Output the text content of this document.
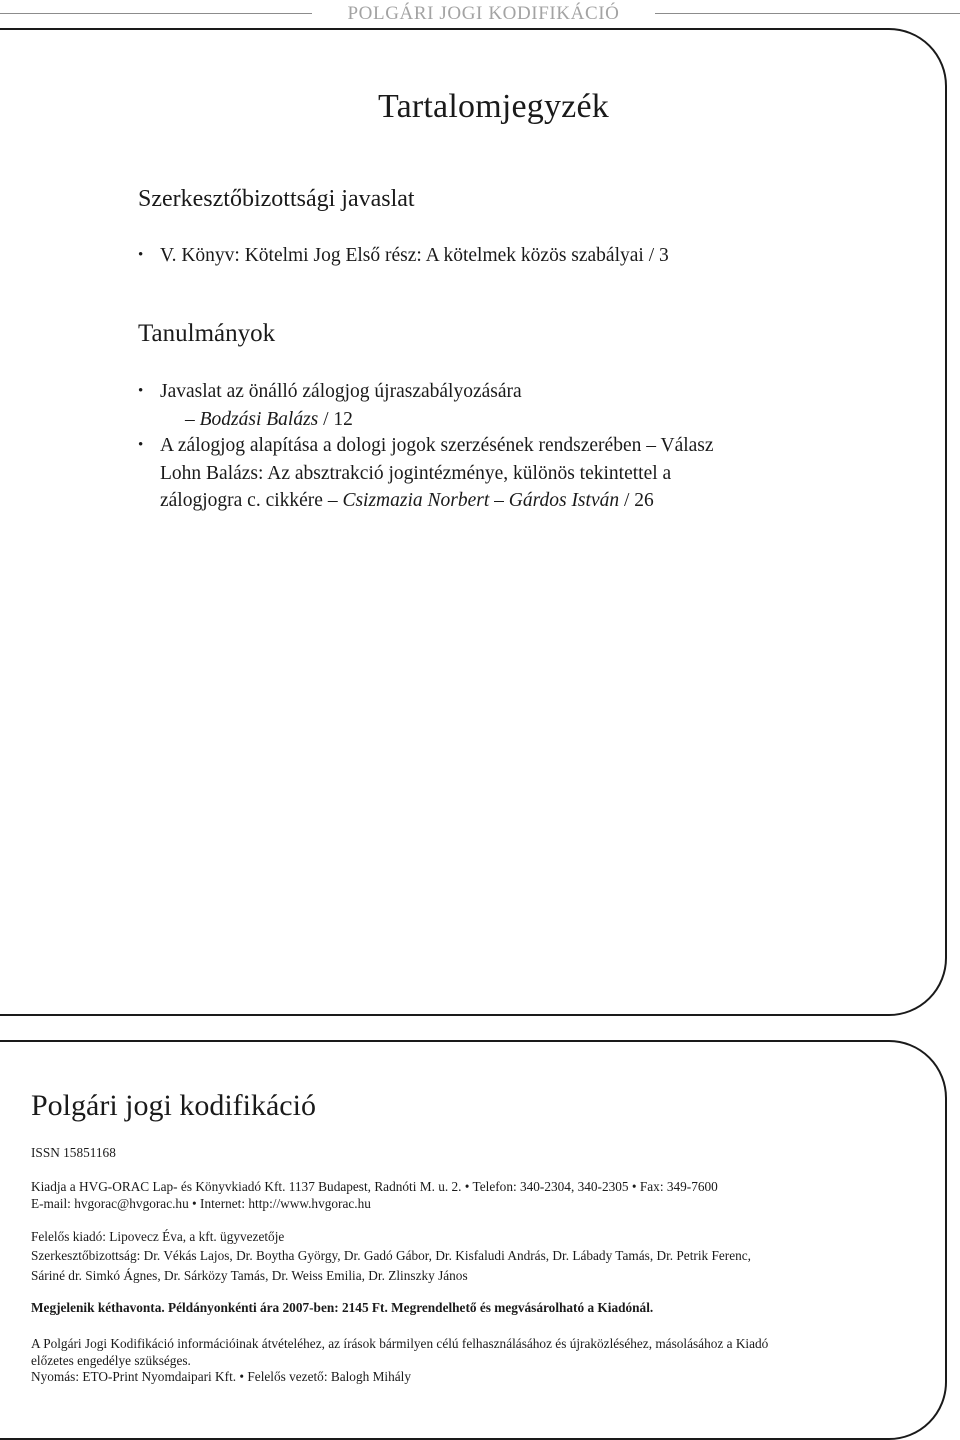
POLGÁRI JOGI KODIFIKÁCIÓ
Tartalomjegyzék
Szerkesztőbizottsági javaslat
• V. Könyv: Kötelmi Jog Első rész: A kötelmek közös szabályai / 3
Tanulmányok
• Javaslat az önálló zálogjog újraszabályozására
– Bodzási Balázs / 12
• A zálogjog alapítása a dologi jogok szerzésének rendszerében – Válasz
Lohn Balázs: Az absztrakció jogintézménye, különös tekintettel a
zálogjogra c. cikkére – Csizmazia Norbert – Gárdos István / 26
Polgári jogi kodifikáció
ISSN 15851168
Kiadja a HVG-ORAC Lap- és Könyvkiadó Kft. 1137 Budapest, Radnóti M. u. 2. • Telefon: 340-2304, 340-2305 • Fax: 349-7600
E-mail: hvgorac@hvgorac.hu • Internet: http://www.hvgorac.hu
Felelős kiadó: Lipovecz Éva, a kft. ügyvezetője
Szerkesztőbizottság: Dr. Vékás Lajos, Dr. Boytha György, Dr. Gadó Gábor, Dr. Kisfaludi András, Dr. Lábady Tamás, Dr. Petrik Ferenc,
Sáriné dr. Simkó Ágnes, Dr. Sárközy Tamás, Dr. Weiss Emilia, Dr. Zlinszky János
Megjelenik kéthavonta. Példányonkénti ára 2007-ben: 2145 Ft. Megrendelhető és megvásárolható a Kiadónál.
A Polgári Jogi Kodifikáció információinak átvételéhez, az írások bármilyen célú felhasználásához és újraközléséhez, másolásához a Kiadó
előzetes engedélye szükséges.
Nyomás: ETO-Print Nyomdaipari Kft. • Felelős vezető: Balogh Mihály
